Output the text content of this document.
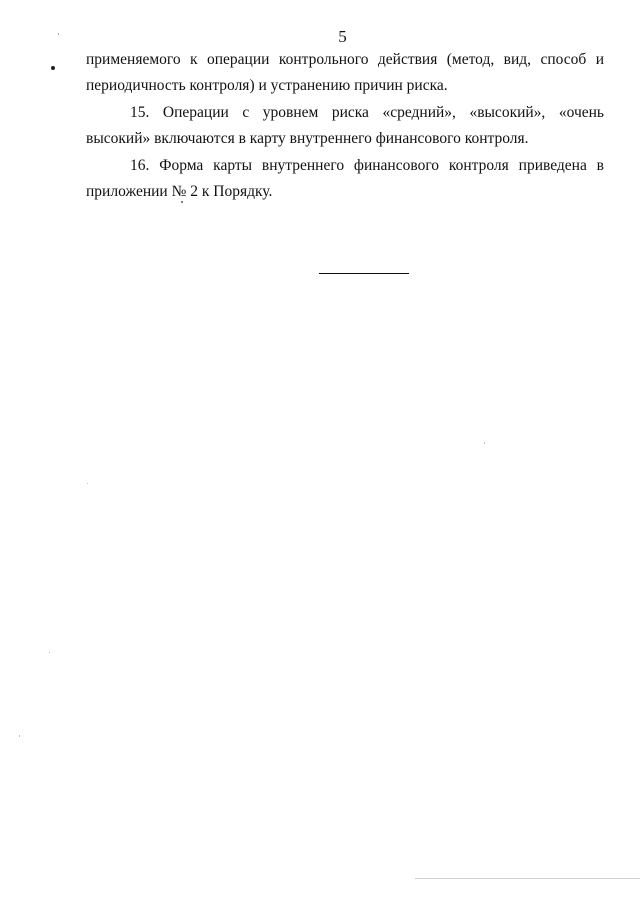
5

применяемого к операции контрольного действия (метод, вид, способ и
периодичность контроля) и устранению причин риска.

15. Операции с уровнем риска «средний», «высокий», «очень высокий» включаются в карту внутреннего финансового контроля.

16. Форма карты внутреннего финансового контроля приведена в приложении № 2 к Порядку.
